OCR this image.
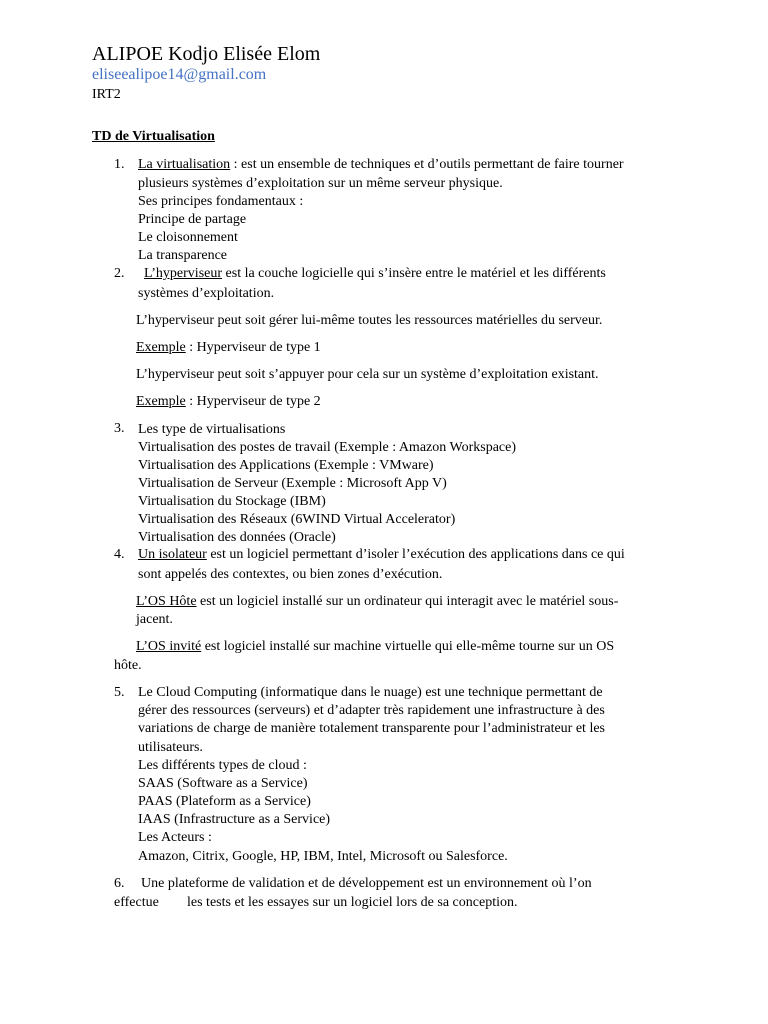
ALIPOE Kodjo Elisée Elom
eliseealipoe14@gmail.com
IRT2
TD de Virtualisation
1. La virtualisation : est un ensemble de techniques et d’outils permettant de faire tourner
plusieurs systèmes d’exploitation sur un même serveur physique.
Ses principes fondamentaux :
Principe de partage
Le cloisonnement
La transparence
2. L’hyperviseur est la couche logicielle qui s’insère entre le matériel et les différents
systèmes d’exploitation.
L’hyperviseur peut soit gérer lui-même toutes les ressources matérielles du serveur.
Exemple : Hyperviseur de type 1
L’hyperviseur peut soit s’appuyer pour cela sur un système d’exploitation existant.
Exemple : Hyperviseur de type 2
3. Les type de virtualisations
Virtualisation des postes de travail (Exemple : Amazon Workspace)
Virtualisation des Applications (Exemple : VMware)
Virtualisation de Serveur (Exemple : Microsoft App V)
Virtualisation du Stockage (IBM)
Virtualisation des Réseaux (6WIND Virtual Accelerator)
Virtualisation des données (Oracle)
4. Un isolateur est un logiciel permettant d’isoler l’exécution des applications dans ce qui
sont appelés des contextes, ou bien zones d’exécution.
L’OS Hôte est un logiciel installé sur un ordinateur qui interagit avec le matériel sous-
jacent.
L’OS invité est logiciel installé sur machine virtuelle qui elle-même tourne sur un OS
hôte.
5. Le Cloud Computing (informatique dans le nuage) est une technique permettant de
gérer des ressources (serveurs) et d’adapter très rapidement une infrastructure à des
variations de charge de manière totalement transparente pour l’administrateur et les
utilisateurs.
Les différents types de cloud :
SAAS (Software as a Service)
PAAS (Plateform as a Service)
IAAS (Infrastructure as a Service)
Les Acteurs :
Amazon, Citrix, Google, HP, IBM, Intel, Microsoft ou Salesforce.
6. Une plateforme de validation et de développement est un environnement où l’on
effectue les tests et les essayes sur un logiciel lors de sa conception.
